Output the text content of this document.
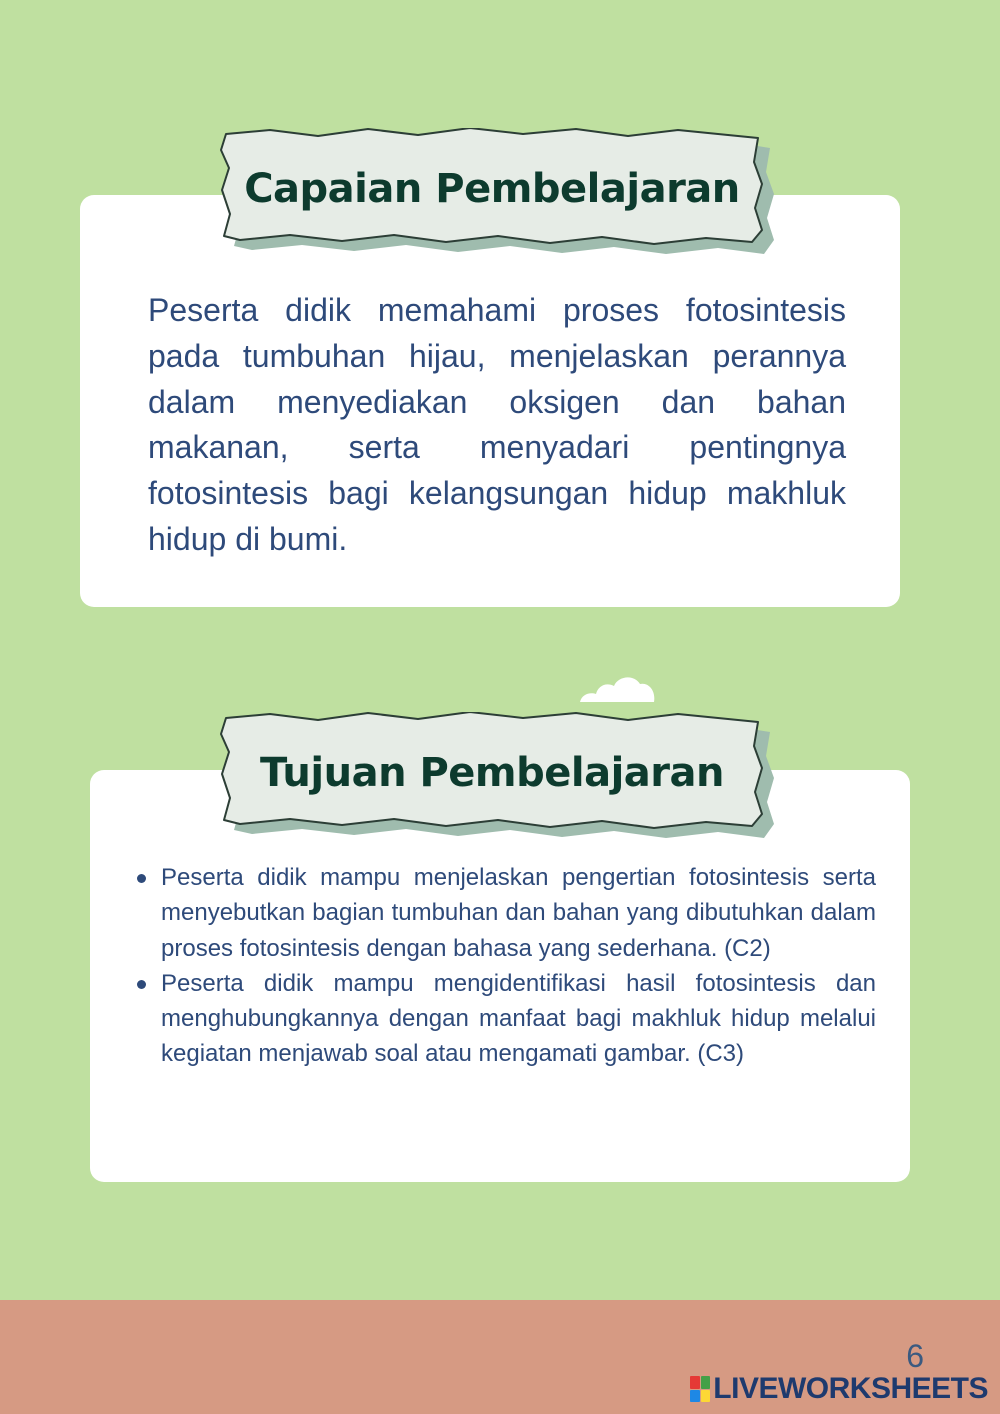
Capaian Pembelajaran

Peserta didik memahami proses fotosintesis pada tumbuhan hijau, menjelaskan perannya dalam menyediakan oksigen dan bahan makanan, serta menyadari pentingnya fotosintesis bagi kelangsungan hidup makhluk hidup di bumi.

Tujuan Pembelajaran
Peserta didik mampu menjelaskan pengertian fotosintesis serta menyebutkan bagian tumbuhan dan bahan yang dibutuhkan dalam proses fotosintesis dengan bahasa yang sederhana. (C2)
Peserta didik mampu mengidentifikasi hasil fotosintesis dan menghubungkannya dengan manfaat bagi makhluk hidup melalui kegiatan menjawab soal atau mengamati gambar. (C3)
6
LIVEWORKSHEETS
